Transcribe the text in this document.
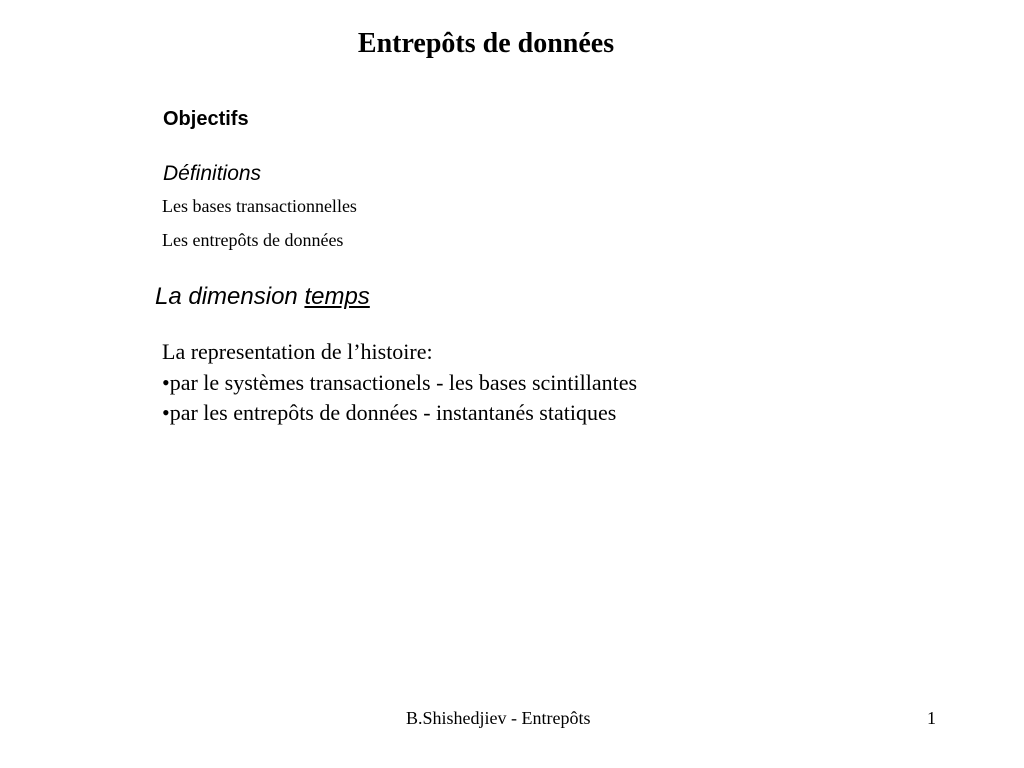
Entrepôts de données
Objectifs
Définitions
Les bases transactionnelles
Les entrepôts de données
La dimension temps
La representation de l’histoire:
•par le systèmes transactionels - les bases scintillantes
•par les entrepôts de données - instantanés statiques
B.Shishedjiev - Entrepôts	1
